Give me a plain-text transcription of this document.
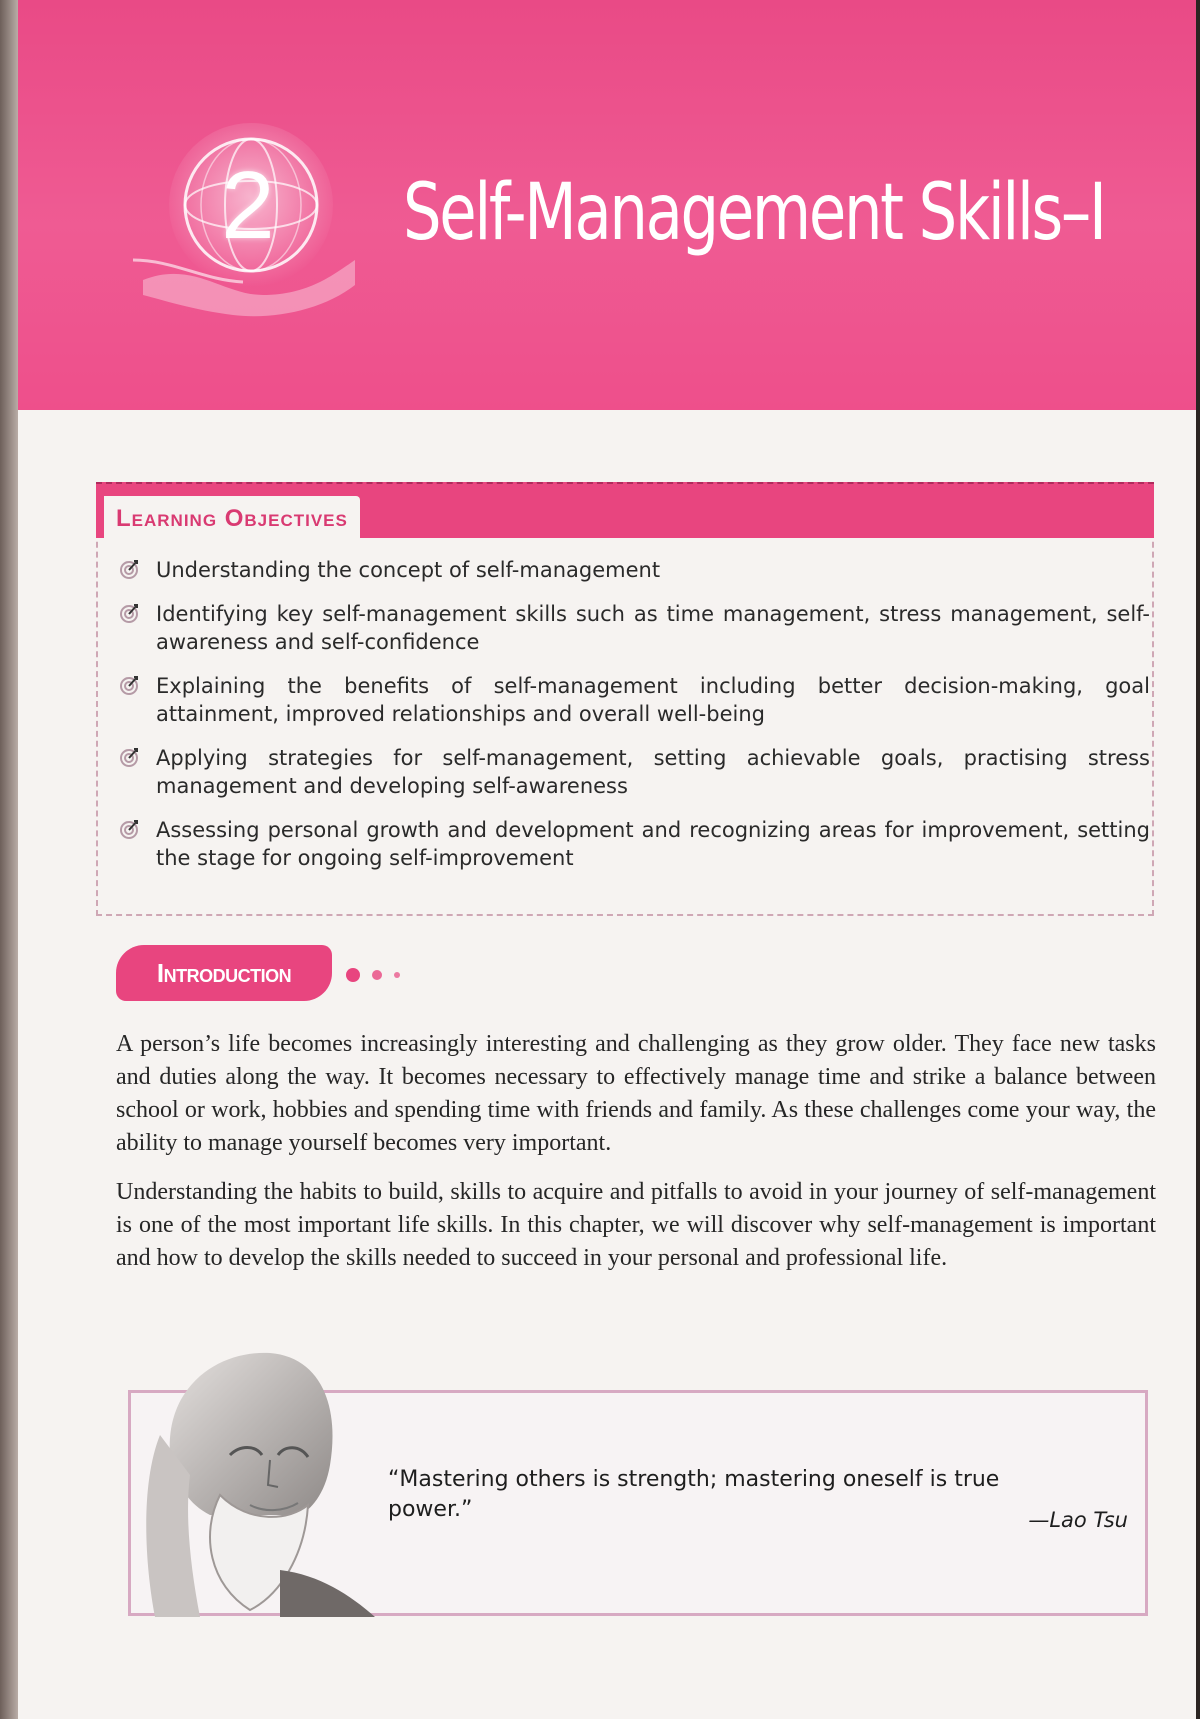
2 Self-Management Skills–I
Learning Objectives
Understanding the concept of self-management
Identifying key self-management skills such as time management, stress management, self-awareness and self-confidence
Explaining the benefits of self-management including better decision-making, goal attainment, improved relationships and overall well-being
Applying strategies for self-management, setting achievable goals, practising stress management and developing self-awareness
Assessing personal growth and development and recognizing areas for improvement, setting the stage for ongoing self-improvement
Introduction

A person’s life becomes increasingly interesting and challenging as they grow older. They face new tasks and duties along the way. It becomes necessary to effectively manage time and strike a balance between school or work, hobbies and spending time with friends and family. As these challenges come your way, the ability to manage yourself becomes very important.

Understanding the habits to build, skills to acquire and pitfalls to avoid in your journey of self-management is one of the most important life skills. In this chapter, we will discover why self-management is important and how to develop the skills needed to succeed in your personal and professional life.

“Mastering others is strength; mastering oneself is true power.”	—Lao Tsu
